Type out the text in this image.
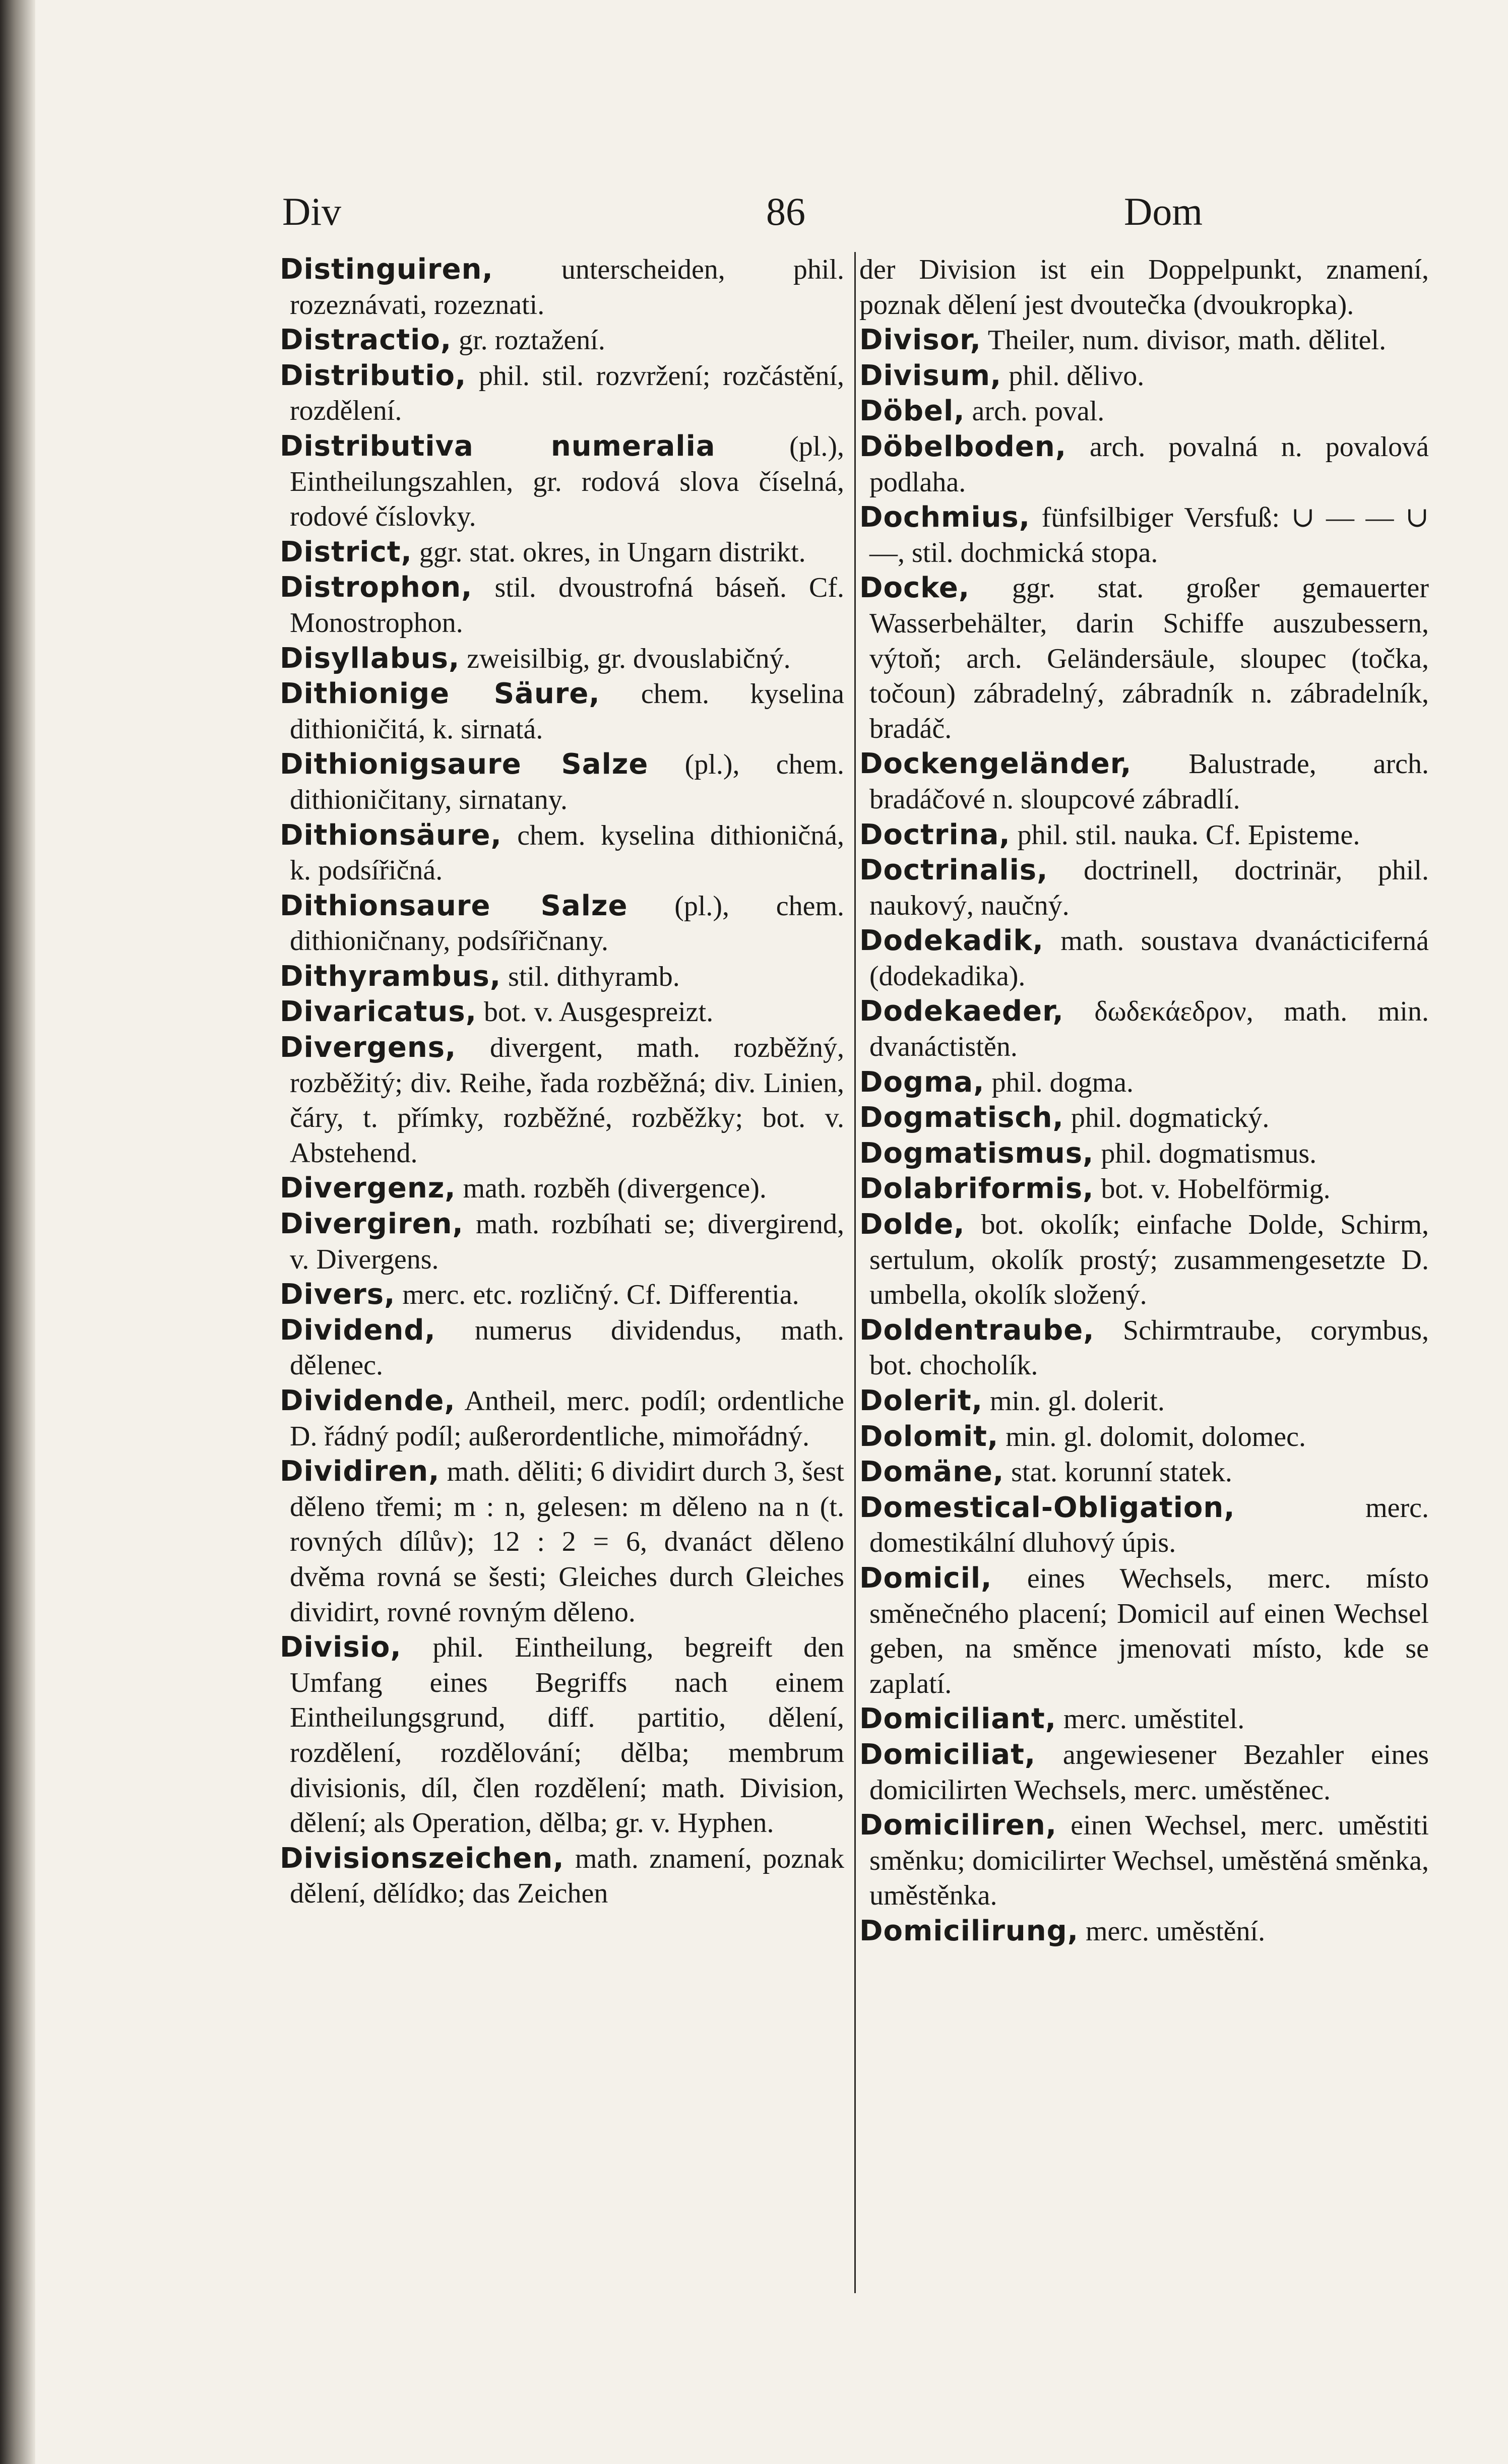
Div	86	Dom

Distinguiren, unterscheiden, phil. rozeznávati, rozeznati.

Distractio, gr. roztažení.

Distributio, phil. stil. rozvržení; rozčástění, rozdělení.

Distributiva numeralia (pl.), Eintheilungszahlen, gr. rodová slova číselná, rodové číslovky.

District, ggr. stat. okres, in Ungarn distrikt.

Distrophon, stil. dvoustrofná báseň. Cf. Monostrophon.

Disyllabus, zweisilbig, gr. dvouslabičný.

Dithionige Säure, chem. kyselina dithioničitá, k. sirnatá.

Dithionigsaure Salze (pl.), chem. dithioničitany, sirnatany.

Dithionsäure, chem. kyselina dithioničná, k. podsířičná.

Dithionsaure Salze (pl.), chem. dithioničnany, podsířičnany.

Dithyrambus, stil. dithyramb.

Divaricatus, bot. v. Ausgespreizt.

Divergens, divergent, math. rozběžný, rozběžitý; div. Reihe, řada rozběžná; div. Linien, čáry, t. přímky, rozběžné, rozběžky; bot. v. Abstehend.

Divergenz, math. rozběh (divergence).

Divergiren, math. rozbíhati se; divergirend, v. Divergens.

Divers, merc. etc. rozličný. Cf. Differentia.

Dividend, numerus dividendus, math. dělenec.

Dividende, Antheil, merc. podíl; ordentliche D. řádný podíl; außerordentliche, mimořádný.

Dividiren, math. děliti; 6 dividirt durch 3, šest děleno třemi; m : n, gelesen: m děleno na n (t. rovných dílův); 12 : 2 = 6, dvanáct děleno dvěma rovná se šesti; Gleiches durch Gleiches dividirt, rovné rovným děleno.

Divisio, phil. Eintheilung, begreift den Umfang eines Begriffs nach einem Eintheilungsgrund, diff. partitio, dělení, rozdělení, rozdělování; dělba; membrum divisionis, díl, člen rozdělení; math. Division, dělení; als Operation, dělba; gr. v. Hyphen.

Divisionszeichen, math. znamení, poznak dělení, dělídko; das Zeichen

der Division ist ein Doppelpunkt, znamení, poznak dělení jest dvoutečka (dvoukropka).

Divisor, Theiler, num. divisor, math. dělitel.

Divisum, phil. dělivo.

Döbel, arch. poval.

Döbelboden, arch. povalná n. povalová podlaha.

Dochmius, fünfsilbiger Versfuß: ∪ — — ∪ —, stil. dochmická stopa.

Docke, ggr. stat. großer gemauerter Wasserbehälter, darin Schiffe auszubessern, výtoň; arch. Geländersäule, sloupec (točka, točoun) zábradelný, zábradník n. zábradelník, bradáč.

Dockengeländer, Balustrade, arch. bradáčové n. sloupcové zábradlí.

Doctrina, phil. stil. nauka. Cf. Episteme.

Doctrinalis, doctrinell, doctrinär, phil. naukový, naučný.

Dodekadik, math. soustava dvanácticiferná (dodekadika).

Dodekaeder, δωδεκάεδρον, math. min. dvanáctistěn.

Dogma, phil. dogma.

Dogmatisch, phil. dogmatický.

Dogmatismus, phil. dogmatismus.

Dolabriformis, bot. v. Hobelförmig.

Dolde, bot. okolík; einfache Dolde, Schirm, sertulum, okolík prostý; zusammengesetzte D. umbella, okolík složený.

Doldentraube, Schirmtraube, corymbus, bot. chocholík.

Dolerit, min. gl. dolerit.

Dolomit, min. gl. dolomit, dolomec.

Domäne, stat. korunní statek.

Domestical-Obligation, merc. domestikální dluhový úpis.

Domicil, eines Wechsels, merc. místo směnečného placení; Domicil auf einen Wechsel geben, na směnce jmenovati místo, kde se zaplatí.

Domiciliant, merc. uměstitel.

Domiciliat, angewiesener Bezahler eines domicilirten Wechsels, merc. uměstěnec.

Domiciliren, einen Wechsel, merc. uměstiti směnku; domicilirter Wechsel, uměstěná směnka, uměstěnka.

Domicilirung, merc. uměstění.
